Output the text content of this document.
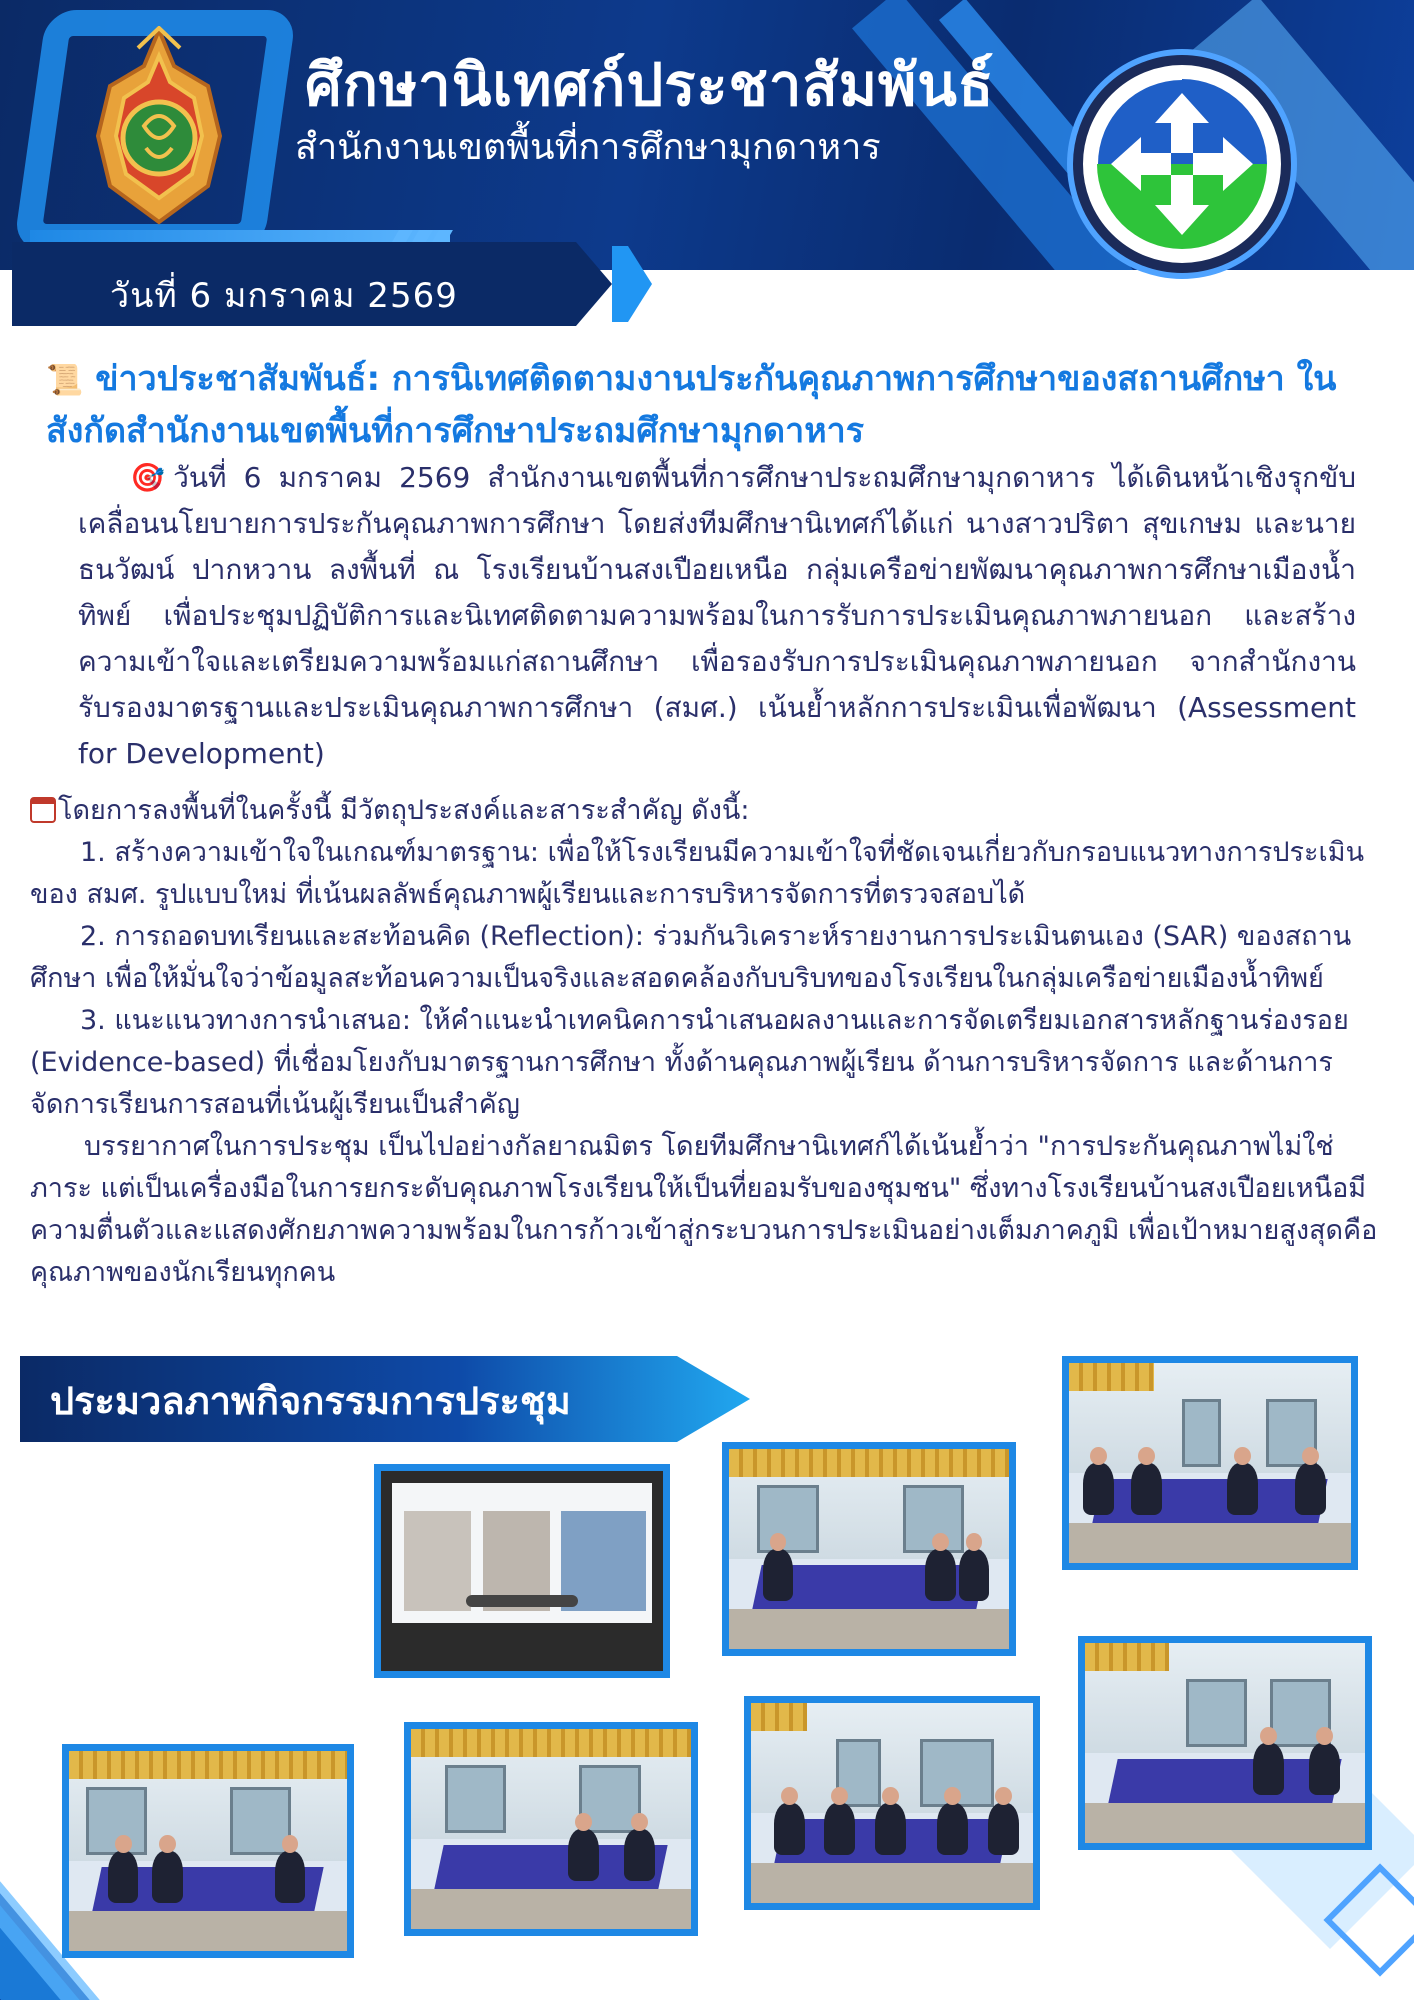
ศึกษานิเทศก์ประชาสัมพันธ์
สำนักงานเขตพื้นที่การศึกษามุกดาหาร
วันที่ 6 มกราคม 2569
📜 ข่าวประชาสัมพันธ์: การนิเทศติดตามงานประกันคุณภาพการศึกษาของสถานศึกษา ในสังกัดสำนักงานเขตพื้นที่การศึกษาประถมศึกษามุกดาหาร
🎯วันที่ 6 มกราคม 2569 สำนักงานเขตพื้นที่การศึกษาประถมศึกษามุกดาหาร ได้เดินหน้าเชิงรุกขับเคลื่อนนโยบายการประกันคุณภาพการศึกษา โดยส่งทีมศึกษานิเทศก์ได้แก่ นางสาวปริตา สุขเกษม และนายธนวัฒน์ ปากหวาน ลงพื้นที่ ณ โรงเรียนบ้านสงเปือยเหนือ กลุ่มเครือข่ายพัฒนาคุณภาพการศึกษาเมืองน้ำทิพย์ เพื่อประชุมปฏิบัติการและนิเทศติดตามความพร้อมในการรับการประเมินคุณภาพภายนอก และสร้างความเข้าใจและเตรียมความพร้อมแก่สถานศึกษา เพื่อรองรับการประเมินคุณภาพภายนอก จากสำนักงานรับรองมาตรฐานและประเมินคุณภาพการศึกษา (สมศ.) เน้นย้ำหลักการประเมินเพื่อพัฒนา (Assessment for Development)

โดยการลงพื้นที่ในครั้งนี้ มีวัตถุประสงค์และสาระสำคัญ ดังนี้:

1. สร้างความเข้าใจในเกณฑ์มาตรฐาน: เพื่อให้โรงเรียนมีความเข้าใจที่ชัดเจนเกี่ยวกับกรอบแนวทางการประเมินของ สมศ. รูปแบบใหม่ ที่เน้นผลลัพธ์คุณภาพผู้เรียนและการบริหารจัดการที่ตรวจสอบได้

2. การถอดบทเรียนและสะท้อนคิด (Reflection): ร่วมกันวิเคราะห์รายงานการประเมินตนเอง (SAR) ของสถานศึกษา เพื่อให้มั่นใจว่าข้อมูลสะท้อนความเป็นจริงและสอดคล้องกับบริบทของโรงเรียนในกลุ่มเครือข่ายเมืองน้ำทิพย์

3. แนะแนวทางการนำเสนอ: ให้คำแนะนำเทคนิคการนำเสนอผลงานและการจัดเตรียมเอกสารหลักฐานร่องรอย (Evidence-based) ที่เชื่อมโยงกับมาตรฐานการศึกษา ทั้งด้านคุณภาพผู้เรียน ด้านการบริหารจัดการ และด้านการจัดการเรียนการสอนที่เน้นผู้เรียนเป็นสำคัญ

บรรยากาศในการประชุม เป็นไปอย่างกัลยาณมิตร โดยทีมศึกษานิเทศก์ได้เน้นย้ำว่า "การประกันคุณภาพไม่ใช่ภาระ แต่เป็นเครื่องมือในการยกระดับคุณภาพโรงเรียนให้เป็นที่ยอมรับของชุมชน" ซึ่งทางโรงเรียนบ้านสงเปือยเหนือมีความตื่นตัวและแสดงศักยภาพความพร้อมในการก้าวเข้าสู่กระบวนการประเมินอย่างเต็มภาคภูมิ เพื่อเป้าหมายสูงสุดคือคุณภาพของนักเรียนทุกคน

ประมวลภาพกิจกรรมการประชุม
